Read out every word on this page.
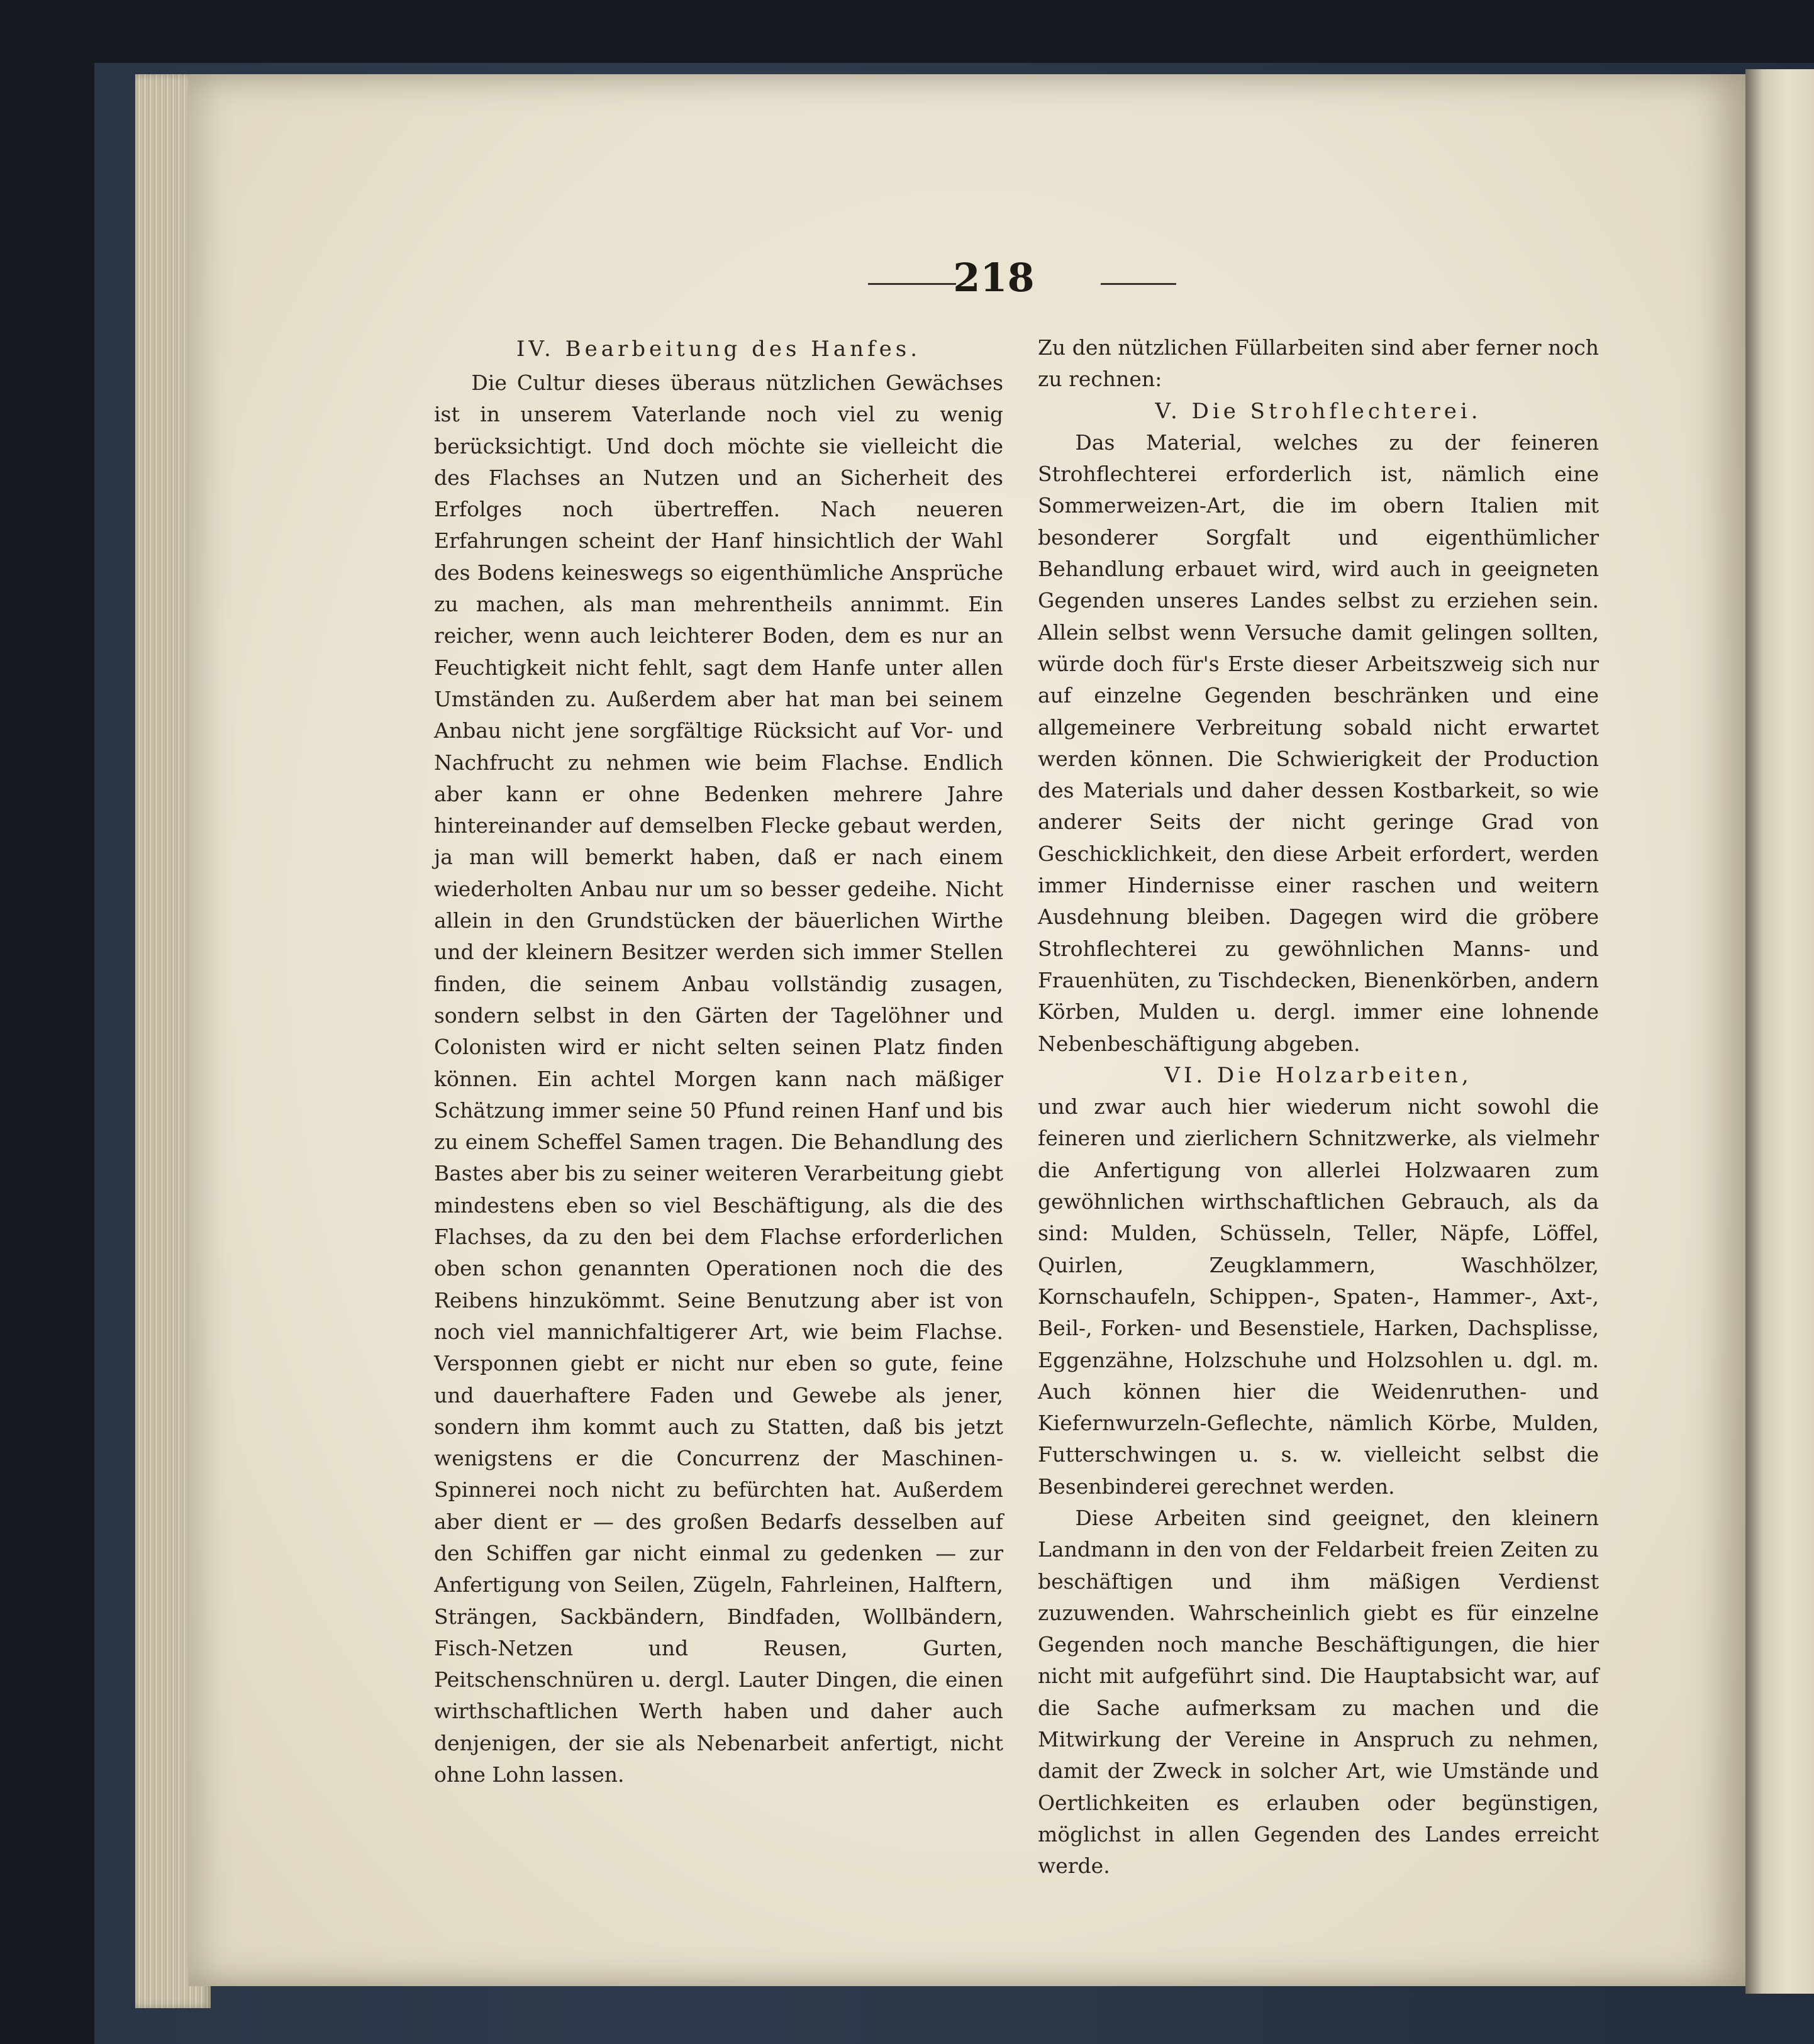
218
IV. Bearbeitung des Hanfes.

Die Cultur dieses überaus nützlichen Gewächses ist in unserem Vaterlande noch viel zu wenig berücksichtigt. Und doch möchte sie vielleicht die des Flachses an Nutzen und an Sicherheit des Erfolges noch übertreffen. Nach neueren Erfahrungen scheint der Hanf hinsichtlich der Wahl des Bodens keineswegs so eigenthümliche Ansprüche zu machen, als man mehrentheils annimmt. Ein reicher, wenn auch leichterer Boden, dem es nur an Feuchtigkeit nicht fehlt, sagt dem Hanfe unter allen Umständen zu. Außerdem aber hat man bei seinem Anbau nicht jene sorgfältige Rücksicht auf Vor- und Nachfrucht zu nehmen wie beim Flachse. Endlich aber kann er ohne Bedenken mehrere Jahre hintereinander auf demselben Flecke gebaut werden, ja man will bemerkt haben, daß er nach einem wiederholten Anbau nur um so besser gedeihe. Nicht allein in den Grundstücken der bäuerlichen Wirthe und der kleinern Besitzer werden sich immer Stellen finden, die seinem Anbau vollständig zusagen, sondern selbst in den Gärten der Tagelöhner und Colonisten wird er nicht selten seinen Platz finden können. Ein achtel Morgen kann nach mäßiger Schätzung immer seine 50 Pfund reinen Hanf und bis zu einem Scheffel Samen tragen. Die Behandlung des Bastes aber bis zu seiner weiteren Verarbeitung giebt mindestens eben so viel Beschäftigung, als die des Flachses, da zu den bei dem Flachse erforderlichen oben schon genannten Operationen noch die des Reibens hinzukömmt. Seine Benutzung aber ist von noch viel mannichfaltigerer Art, wie beim Flachse. Versponnen giebt er nicht nur eben so gute, feine und dauerhaftere Faden und Gewebe als jener, sondern ihm kommt auch zu Statten, daß bis jetzt wenigstens er die Concurrenz der Maschinen-Spinnerei noch nicht zu befürchten hat. Außerdem aber dient er — des großen Bedarfs desselben auf den Schiffen gar nicht einmal zu gedenken — zur Anfertigung von Seilen, Zügeln, Fahrleinen, Halftern, Strängen, Sackbändern, Bindfaden, Wollbändern, Fisch-Netzen und Reusen, Gurten, Peitschenschnüren u. dergl. Lauter Dingen, die einen wirthschaftlichen Werth haben und daher auch denjenigen, der sie als Nebenarbeit anfertigt, nicht ohne Lohn lassen.

Zu den nützlichen Füllarbeiten sind aber ferner noch zu rechnen:

V. Die Strohflechterei.

Das Material, welches zu der feineren Strohflechterei erforderlich ist, nämlich eine Sommerweizen-Art, die im obern Italien mit besonderer Sorgfalt und eigenthümlicher Behandlung erbauet wird, wird auch in geeigneten Gegenden unseres Landes selbst zu erziehen sein. Allein selbst wenn Versuche damit gelingen sollten, würde doch für's Erste dieser Arbeitszweig sich nur auf einzelne Gegenden beschränken und eine allgemeinere Verbreitung sobald nicht erwartet werden können. Die Schwierigkeit der Production des Materials und daher dessen Kostbarkeit, so wie anderer Seits der nicht geringe Grad von Geschicklichkeit, den diese Arbeit erfordert, werden immer Hindernisse einer raschen und weitern Ausdehnung bleiben. Dagegen wird die gröbere Strohflechterei zu gewöhnlichen Manns- und Frauenhüten, zu Tischdecken, Bienenkörben, andern Körben, Mulden u. dergl. immer eine lohnende Nebenbeschäftigung abgeben.

VI. Die Holzarbeiten,

und zwar auch hier wiederum nicht sowohl die feineren und zierlichern Schnitzwerke, als vielmehr die Anfertigung von allerlei Holzwaaren zum gewöhnlichen wirthschaftlichen Gebrauch, als da sind: Mulden, Schüsseln, Teller, Näpfe, Löffel, Quirlen, Zeugklammern, Waschhölzer, Kornschaufeln, Schippen-, Spaten-, Hammer-, Axt-, Beil-, Forken- und Besenstiele, Harken, Dachsplisse, Eggenzähne, Holzschuhe und Holzsohlen u. dgl. m. Auch können hier die Weidenruthen- und Kiefernwurzeln-Geflechte, nämlich Körbe, Mulden, Futterschwingen u. s. w. vielleicht selbst die Besenbinderei gerechnet werden.

Diese Arbeiten sind geeignet, den kleinern Landmann in den von der Feldarbeit freien Zeiten zu beschäftigen und ihm mäßigen Verdienst zuzuwenden. Wahrscheinlich giebt es für einzelne Gegenden noch manche Beschäftigungen, die hier nicht mit aufgeführt sind. Die Hauptabsicht war, auf die Sache aufmerksam zu machen und die Mitwirkung der Vereine in Anspruch zu nehmen, damit der Zweck in solcher Art, wie Umstände und Oertlichkeiten es erlauben oder begünstigen, möglichst in allen Gegenden des Landes erreicht werde.
